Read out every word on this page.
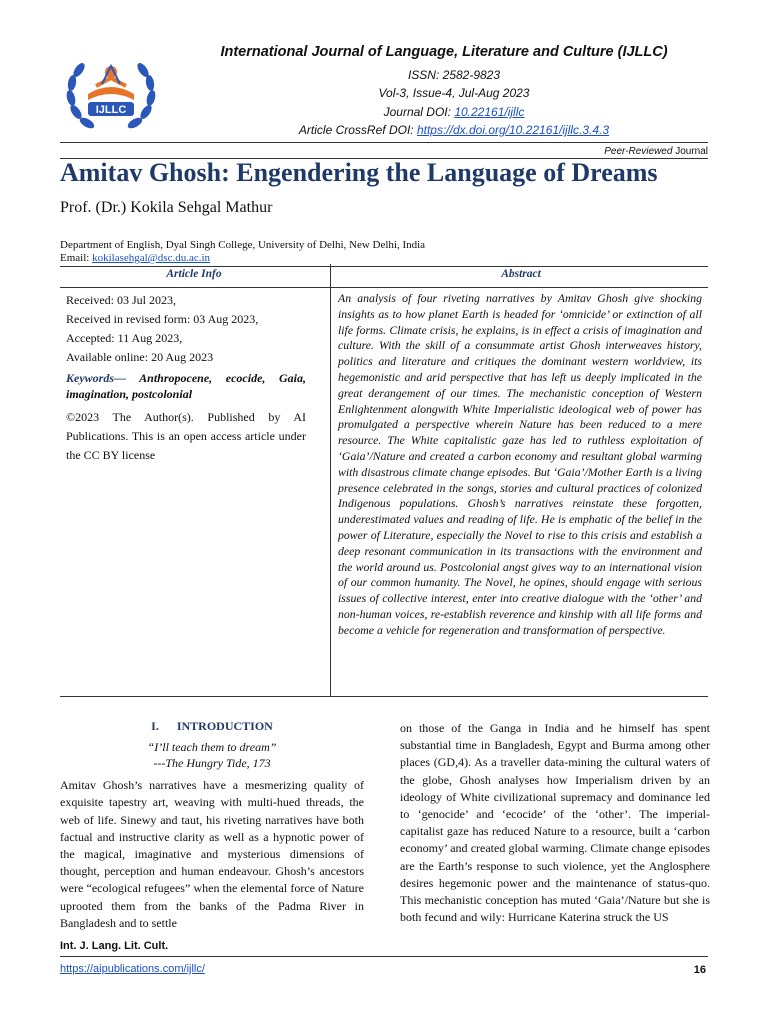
IJLLC
International Journal of Language, Literature and Culture (IJLLC)
ISSN: 2582-9823
Vol-3, Issue-4, Jul-Aug 2023
Journal DOI: 10.22161/ijllc
Article CrossRef DOI: https://dx.doi.org/10.22161/ijllc.3.4.3
Peer-Reviewed Journal
Amitav Ghosh: Engendering the Language of Dreams
Prof. (Dr.) Kokila Sehgal Mathur
Department of English, Dyal Singh College, University of Delhi, New Delhi, India
Email: kokilasehgal@dsc.du.ac.in
Article Info	Abstract
Received: 03 Jul 2023,
Received in revised form: 03 Aug 2023,
Accepted: 11 Aug 2023,
Available online: 20 Aug 2023
Keywords— Anthropocene, ecocide, Gaia, imagination, postcolonial
©2023 The Author(s). Published by AI Publications. This is an open access article under the CC BY license
An analysis of four riveting narratives by Amitav Ghosh give shocking insights as to how planet Earth is headed for ‘omnicide’ or extinction of all life forms. Climate crisis, he explains, is in effect a crisis of imagination and culture. With the skill of a consummate artist Ghosh interweaves history, politics and literature and critiques the dominant western worldview, its hegemonistic and arid perspective that has left us deeply implicated in the great derangement of our times. The mechanistic conception of Western Enlightenment alongwith White Imperialistic ideological web of power has promulgated a perspective wherein Nature has been reduced to a mere resource. The White capitalistic gaze has led to ruthless exploitation of ‘Gaia’/Nature and created a carbon economy and resultant global warming with disastrous climate change episodes. But ‘Gaia’/Mother Earth is a living presence celebrated in the songs, stories and cultural practices of colonized Indigenous populations. Ghosh’s narratives reinstate these forgotten, underestimated values and reading of life. He is emphatic of the belief in the power of Literature, especially the Novel to rise to this crisis and establish a deep resonant communication in its transactions with the environment and the world around us. Postcolonial angst gives way to an international vision of our common humanity. The Novel, he opines, should engage with serious issues of collective interest, enter into creative dialogue with the ‘other’ and non-human voices, re-establish reverence and kinship with all life forms and become a vehicle for regeneration and transformation of perspective.
I. INTRODUCTION
“I’ll teach them to dream”
---The Hungry Tide, 173
Amitav Ghosh’s narratives have a mesmerizing quality of exquisite tapestry art, weaving with multi-hued threads, the web of life. Sinewy and taut, his riveting narratives have both factual and instructive clarity as well as a hypnotic power of the magical, imaginative and mysterious dimensions of thought, perception and human endeavour. Ghosh’s ancestors were “ecological refugees” when the elemental force of Nature uprooted them from the banks of the Padma River in Bangladesh and to settle
on those of the Ganga in India and he himself has spent substantial time in Bangladesh, Egypt and Burma among other places (GD,4). As a traveller data-mining the cultural waters of the globe, Ghosh analyses how Imperialism driven by an ideology of White civilizational supremacy and dominance led to ‘genocide’ and ‘ecocide’ of the ‘other’. The imperial- capitalist gaze has reduced Nature to a resource, built a ‘carbon economy’ and created global warming. Climate change episodes are the Earth’s response to such violence, yet the Anglosphere desires hegemonic power and the maintenance of status-quo. This mechanistic conception has muted ‘Gaia’/Nature but she is both fecund and wily: Hurricane Katerina struck the US
Int. J. Lang. Lit. Cult.
https://aipublications.com/ijllc/	16
